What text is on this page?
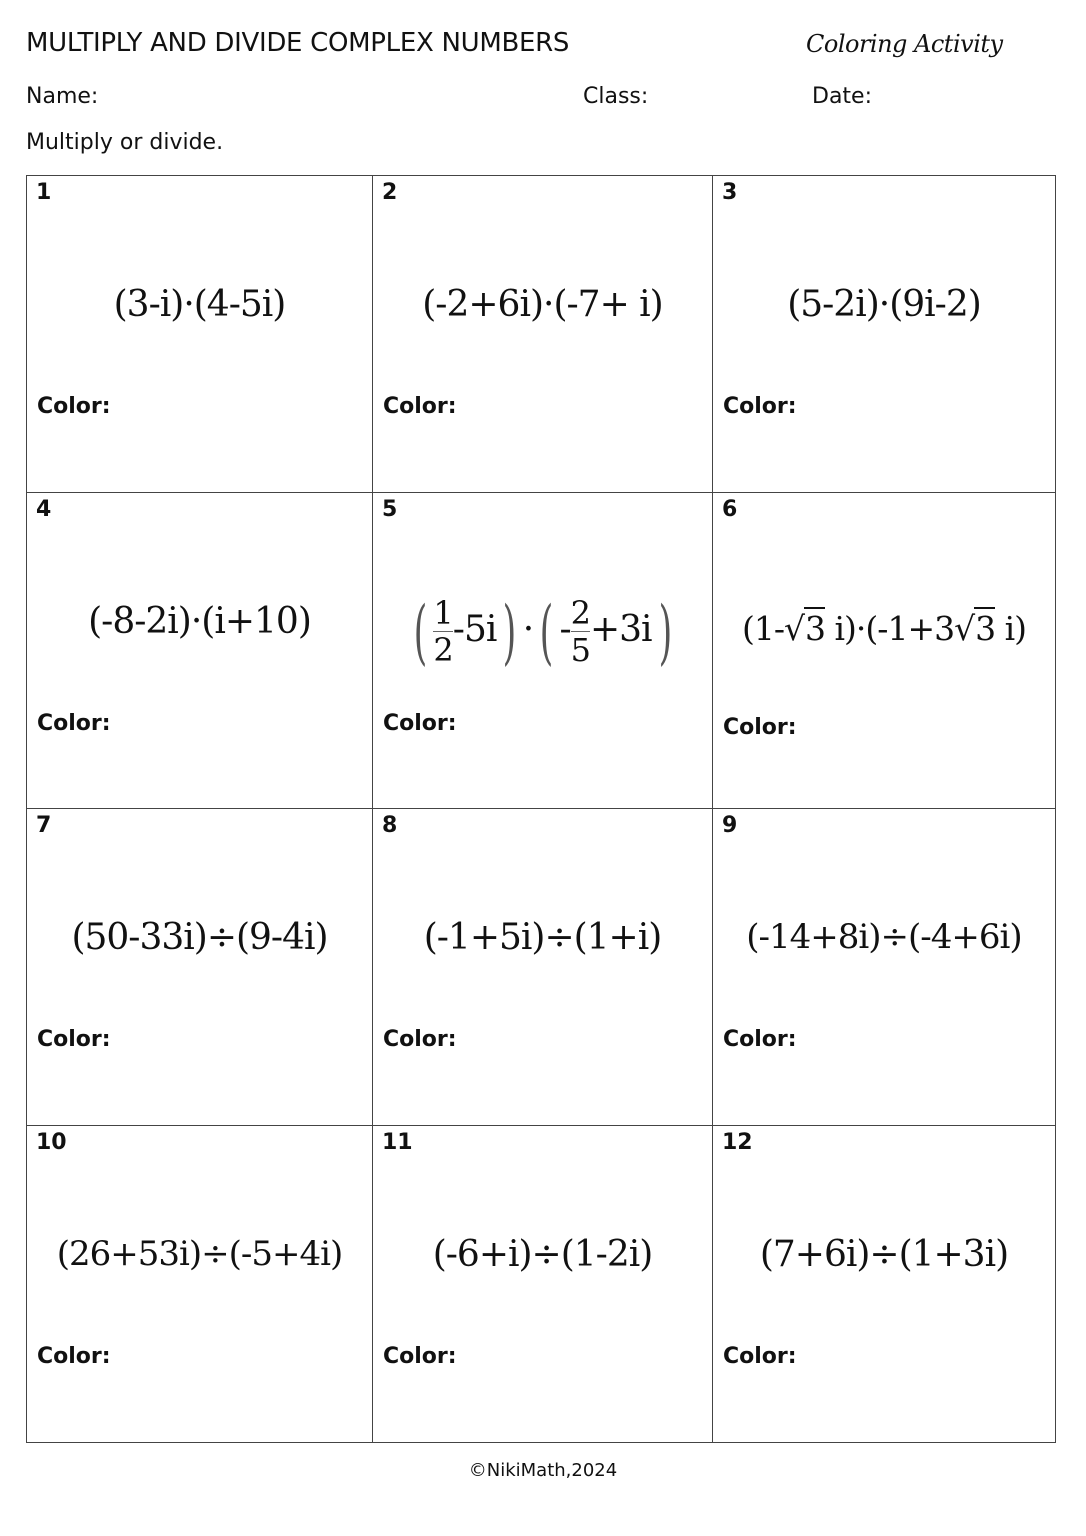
MULTIPLY AND DIVIDE COMPLEX NUMBERS	Coloring Activity
Name:	Class:	Date:
Multiply or divide.
1
(3-i)·(4-5i)
Color:
2
(-2+6i)·(-7+ i)
Color:
3
(5-2i)·(9i-2)
Color:
4
(-8-2i)·(i+10)
Color:
5
( $\frac{1}{2} -5i$) ·( - $\frac{2}{5} +3i$)
Color:
6
(1-√3 i)·(-1+3√3 i)
Color:
7
(50-33i)÷(9-4i)
Color:
8
(-1+5i)÷(1+i)
Color:
9
(-14+8i)÷(-4+6i)
Color:
10
(26+53i)÷(-5+4i)
Color:
11
(-6+i)÷(1-2i)
Color:
12
(7+6i)÷(1+3i)
Color:
©NikiMath,2024
